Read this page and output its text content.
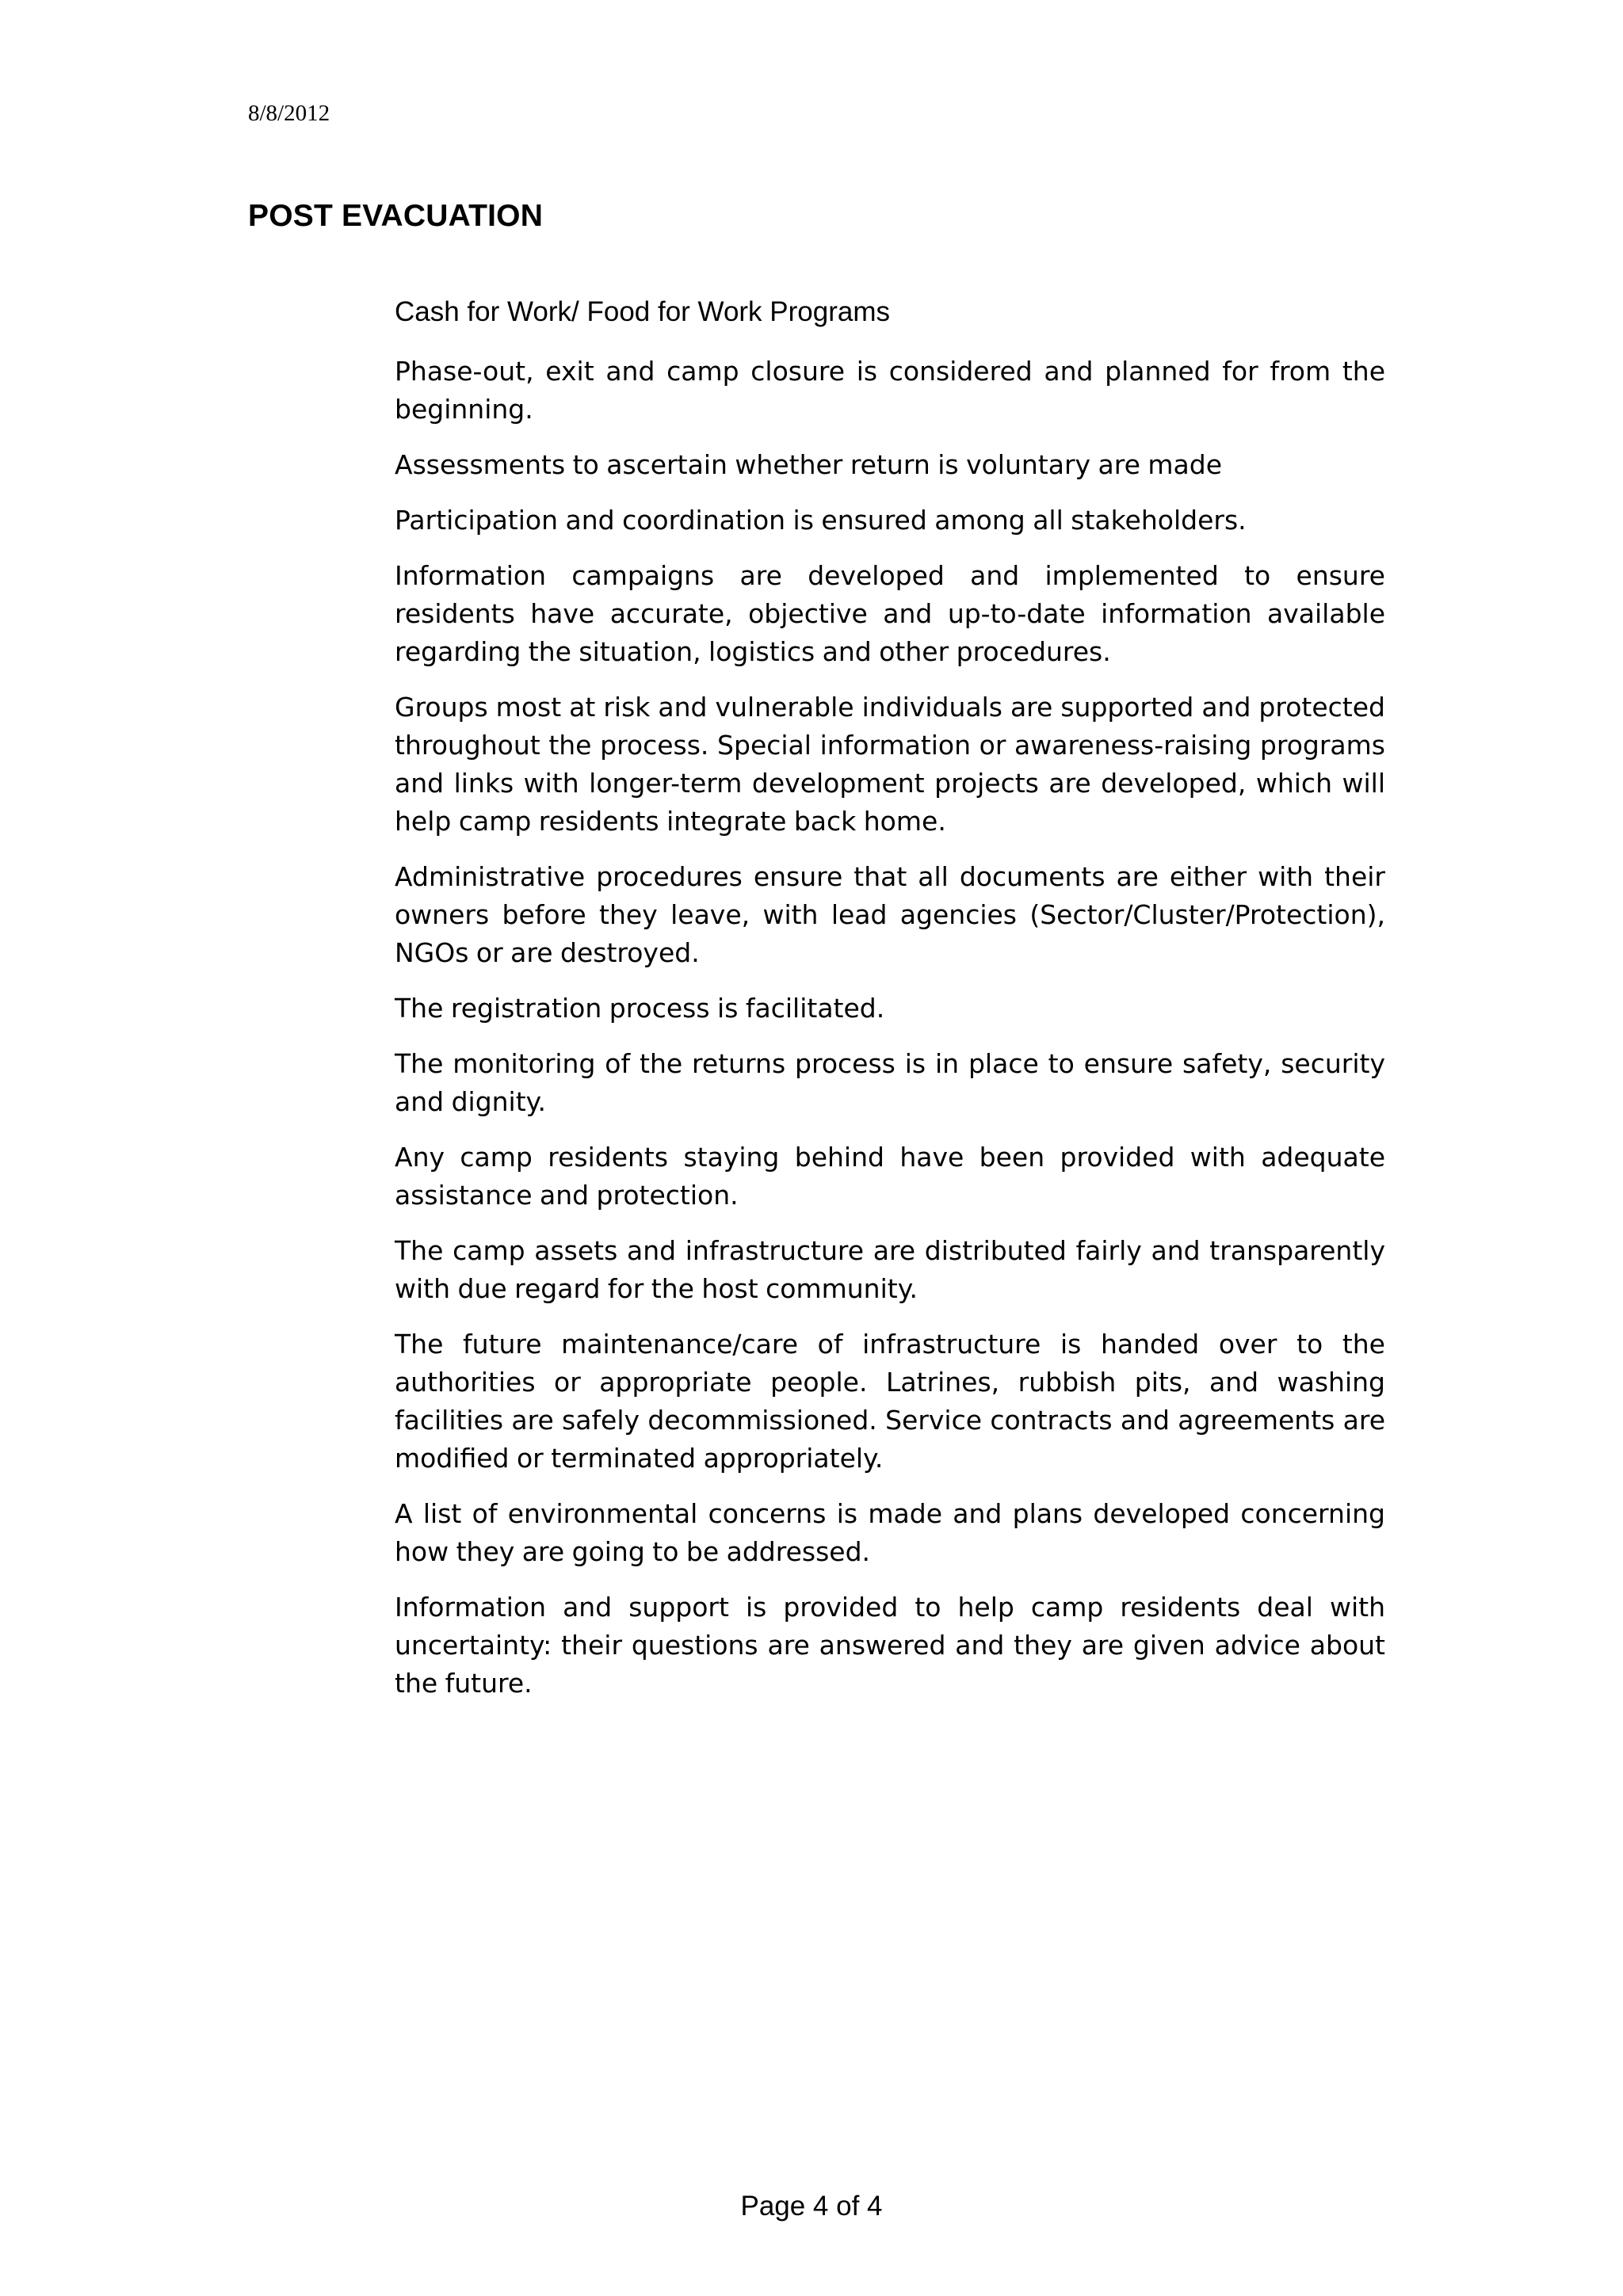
8/8/2012
POST EVACUATION
Cash for Work/ Food for Work Programs

Phase-out, exit and camp closure is considered and planned for from the beginning.

Assessments to ascertain whether return is voluntary are made

Participation and coordination is ensured among all stakeholders.

Information campaigns are developed and implemented to ensure residents have accurate, objective and up-to-date information available regarding the situation, logistics and other procedures.

Groups most at risk and vulnerable individuals are supported and protected throughout the process. Special information or awareness-raising programs and links with longer-term development projects are developed, which will help camp residents integrate back home.

Administrative procedures ensure that all documents are either with their owners before they leave, with lead agencies (Sector/Cluster/Protection), NGOs or are destroyed.

The registration process is facilitated.

The monitoring of the returns process is in place to ensure safety, security and dignity.

Any camp residents staying behind have been provided with adequate assistance and protection.

The camp assets and infrastructure are distributed fairly and transparently with due regard for the host community.

The future maintenance/care of infrastructure is handed over to the authorities or appropriate people. Latrines, rubbish pits, and washing facilities are safely decommissioned. Service contracts and agreements are modified or terminated appropriately.

A list of environmental concerns is made and plans developed concerning how they are going to be addressed.

Information and support is provided to help camp residents deal with uncertainty: their questions are answered and they are given advice about the future.

Page 4 of 4
